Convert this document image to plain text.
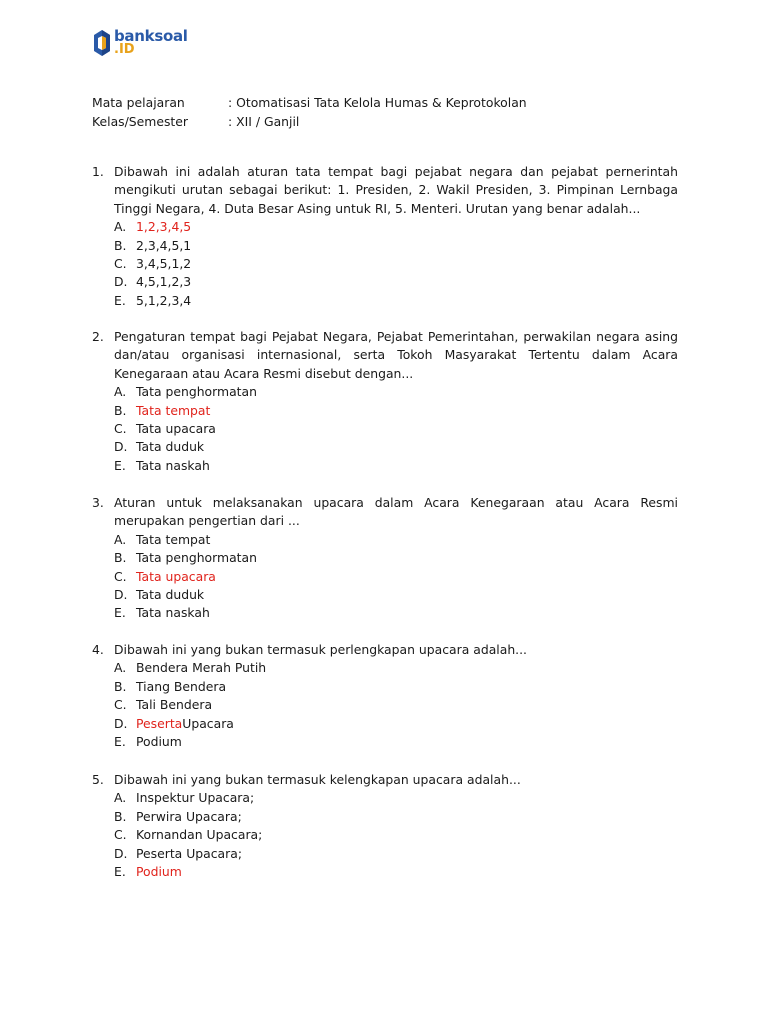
banksoal
.ID
Mata pelajaran	: Otomatisasi Tata Kelola Humas & Keprotokolan
Kelas/Semester	: XII / Ganjil
1. Dibawah ini adalah aturan tata tempat bagi pejabat negara dan pejabat pernerintah mengikuti urutan sebagai berikut: 1. Presiden, 2. Wakil Presiden, 3. Pimpinan Lernbaga Tinggi Negara, 4. Duta Besar Asing untuk RI, 5. Menteri. Urutan yang benar adalah...
A. 1,2,3,4,5
B. 2,3,4,5,1
C. 3,4,5,1,2
D. 4,5,1,2,3
E. 5,1,2,3,4
2. Pengaturan tempat bagi Pejabat Negara, Pejabat Pemerintahan, perwakilan negara asing dan/atau organisasi internasional, serta Tokoh Masyarakat Tertentu dalam Acara Kenegaraan atau Acara Resmi disebut dengan...
A. Tata penghormatan
B. Tata tempat
C. Tata upacara
D. Tata duduk
E. Tata naskah
3. Aturan untuk melaksanakan upacara dalam Acara Kenegaraan atau Acara Resmi merupakan pengertian dari ...
A. Tata tempat
B. Tata penghormatan
C. Tata upacara
D. Tata duduk
E. Tata naskah
4. Dibawah ini yang bukan termasuk perlengkapan upacara adalah...
A. Bendera Merah Putih
B. Tiang Bendera
C. Tali Bendera
D. Peserta Upacara
E. Podium
5. Dibawah ini yang bukan termasuk kelengkapan upacara adalah...
A. Inspektur Upacara;
B. Perwira Upacara;
C. Kornandan Upacara;
D. Peserta Upacara;
E. Podium
